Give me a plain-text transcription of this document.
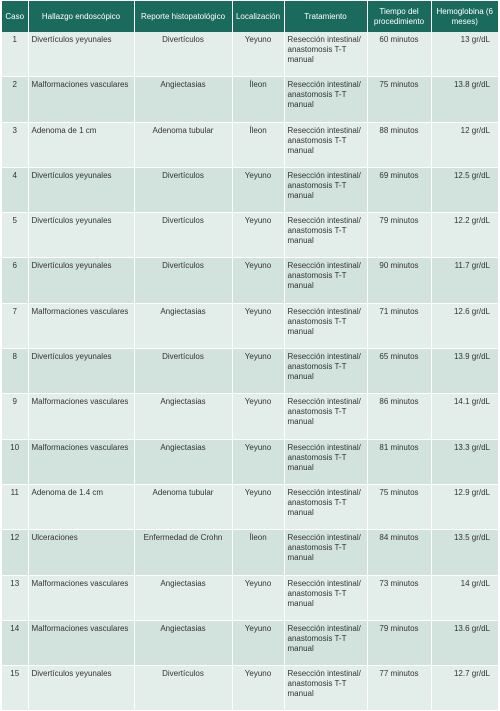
Caso	Hallazgo endoscópico	Reporte histopatológico	Localización	Tratamiento	Tiempo del procedimiento	Hemoglobina (6 meses)
1	Divertículos yeyunales	Divertículos	Yeyuno	Resección intestinal/ anastomosis T-T manual	60 minutos	13 gr/dL
2	Malformaciones vasculares	Angiectasias	Íleon	Resección intestinal/ anastomosis T-T manual	75 minutos	13.8 gr/dL
3	Adenoma de 1 cm	Adenoma tubular	Íleon	Resección intestinal/ anastomosis T-T manual	88 minutos	12 gr/dL
4	Divertículos yeyunales	Divertículos	Yeyuno	Resección intestinal/ anastomosis T-T manual	69 minutos	12.5 gr/dL
5	Divertículos yeyunales	Divertículos	Yeyuno	Resección intestinal/ anastomosis T-T manual	79 minutos	12.2 gr/dL
6	Divertículos yeyunales	Divertículos	Yeyuno	Resección intestinal/ anastomosis T-T manual	90 minutos	11.7 gr/dL
7	Malformaciones vasculares	Angiectasias	Yeyuno	Resección intestinal/ anastomosis T-T manual	71 minutos	12.6 gr/dL
8	Divertículos yeyunales	Divertículos	Yeyuno	Resección intestinal/ anastomosis T-T manual	65 minutos	13.9 gr/dL
9	Malformaciones vasculares	Angiectasias	Yeyuno	Resección intestinal/ anastomosis T-T manual	86 minutos	14.1 gr/dL
10	Malformaciones vasculares	Angiectasias	Yeyuno	Resección intestinal/ anastomosis T-T manual	81 minutos	13.3 gr/dL
11	Adenoma de 1.4 cm	Adenoma tubular	Yeyuno	Resección intestinal/ anastomosis T-T manual	75 minutos	12.9 gr/dL
12	Ulceraciones	Enfermedad de Crohn	Íleon	Resección intestinal/ anastomosis T-T manual	84 minutos	13.5 gr/dL
13	Malformaciones vasculares	Angiectasias	Yeyuno	Resección intestinal/ anastomosis T-T manual	73 minutos	14 gr/dL
14	Malformaciones vasculares	Angiectasias	Yeyuno	Resección intestinal/ anastomosis T-T manual	79 minutos	13.6 gr/dL
15	Divertículos yeyunales	Divertículos	Yeyuno	Resección intestinal/ anastomosis T-T manual	77 minutos	12.7 gr/dL
